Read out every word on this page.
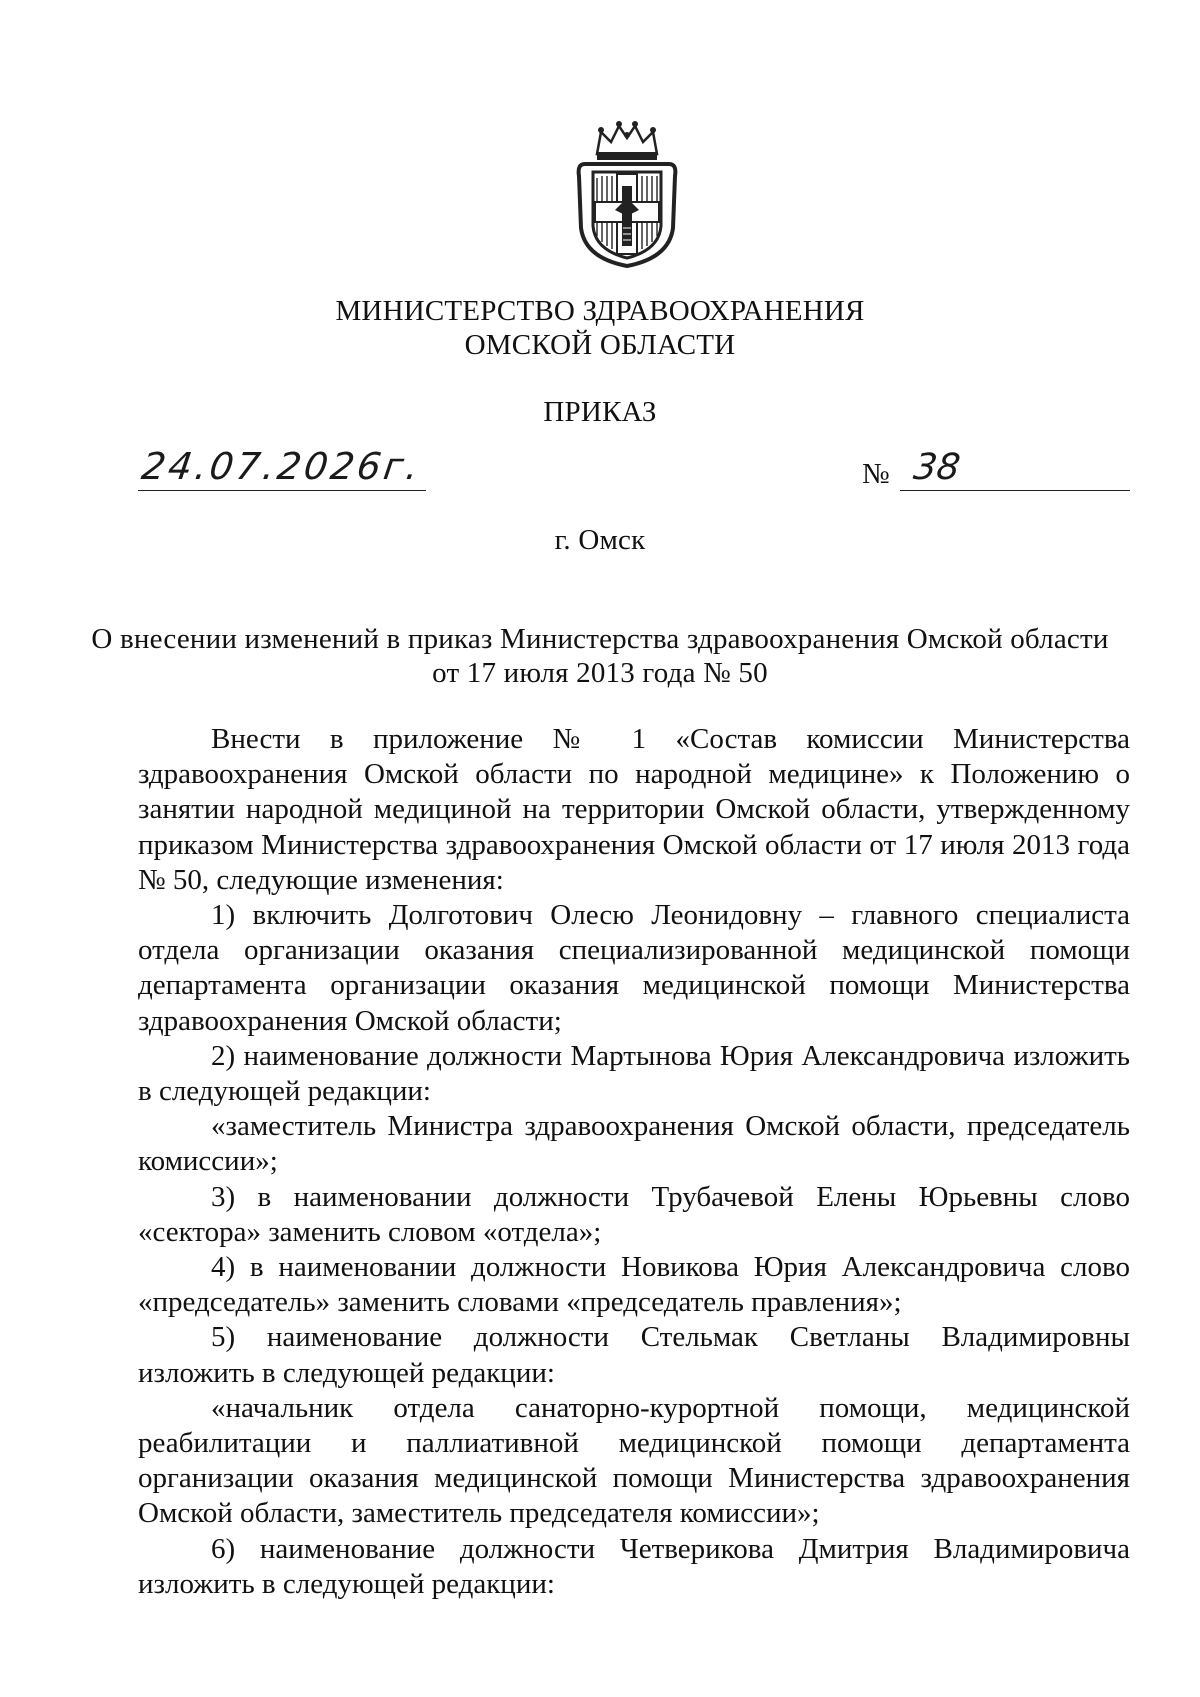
МИНИСТЕРСТВО ЗДРАВООХРАНЕНИЯ
ОМСКОЙ ОБЛАСТИ
ПРИКАЗ
24.07.2026г.	№ 38
г. Омск
О внесении изменений в приказ Министерства здравоохранения Омской области
от 17 июля 2013 года № 50

Внести в приложение № 1 «Состав комиссии Министерства здравоохранения Омской области по народной медицине» к Положению о занятии народной медициной на территории Омской области, утвержденному приказом Министерства здравоохранения Омской области от 17 июля 2013 года № 50, следующие изменения:

1) включить Долготович Олесю Леонидовну – главного специалиста отдела организации оказания специализированной медицинской помощи департамента организации оказания медицинской помощи Министерства здравоохранения Омской области;

2) наименование должности Мартынова Юрия Александровича изложить в следующей редакции:

«заместитель Министра здравоохранения Омской области, председатель комиссии»;

3) в наименовании должности Трубачевой Елены Юрьевны слово «сектора» заменить словом «отдела»;

4) в наименовании должности Новикова Юрия Александровича слово «председатель» заменить словами «председатель правления»;

5) наименование должности Стельмак Светланы Владимировны изложить в следующей редакции:

«начальник отдела санаторно-курортной помощи, медицинской реабилитации и паллиативной медицинской помощи департамента организации оказания медицинской помощи Министерства здравоохранения Омской области, заместитель председателя комиссии»;

6) наименование должности Четверикова Дмитрия Владимировича изложить в следующей редакции:
